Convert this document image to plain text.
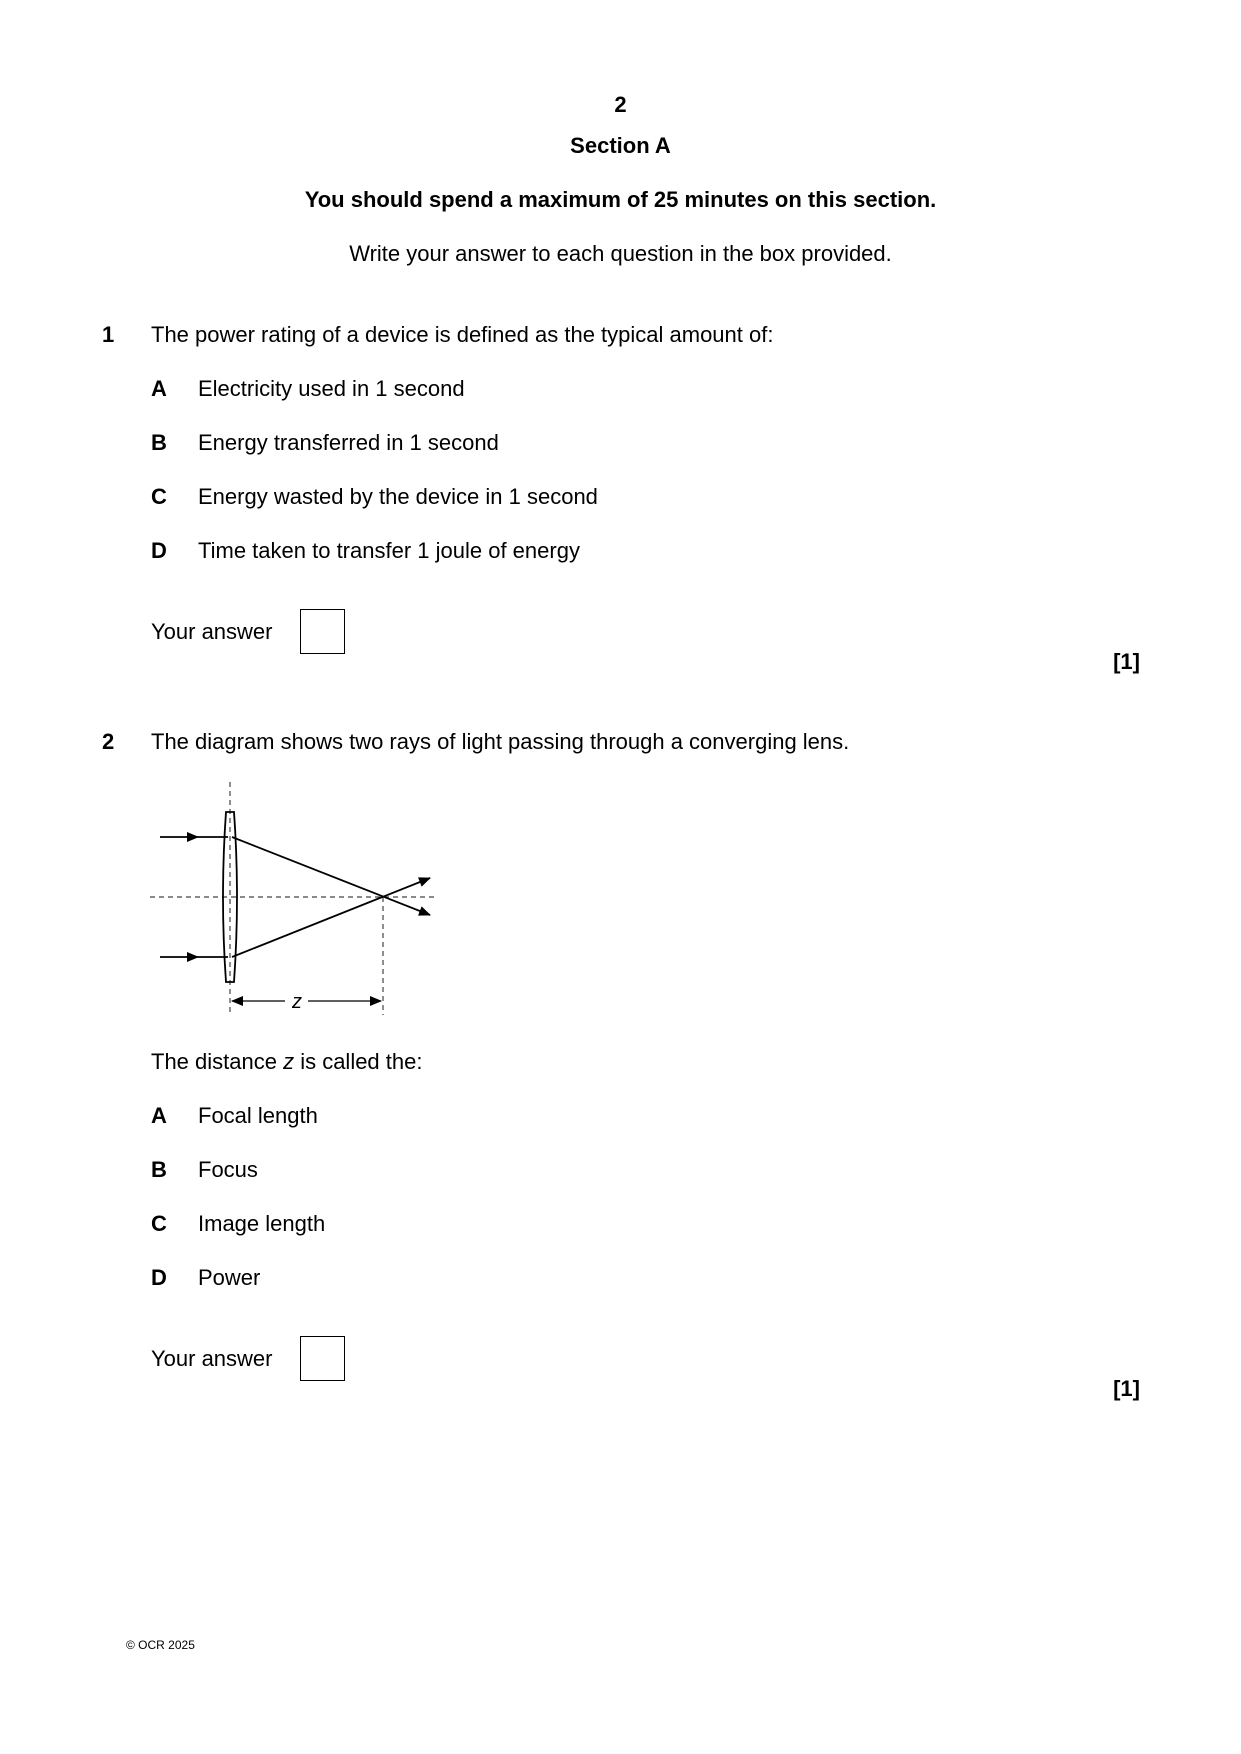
2
Section A
You should spend a maximum of 25 minutes on this section.
Write your answer to each question in the box provided.
1 The power rating of a device is defined as the typical amount of:
A Electricity used in 1 second
B Energy transferred in 1 second
C Energy wasted by the device in 1 second
D Time taken to transfer 1 joule of energy
Your answer
[1]
2 The diagram shows two rays of light passing through a converging lens.
z
The distance z is called the:
A Focal length
B Focus
C Image length
D Power
Your answer
[1]
© OCR 2025
